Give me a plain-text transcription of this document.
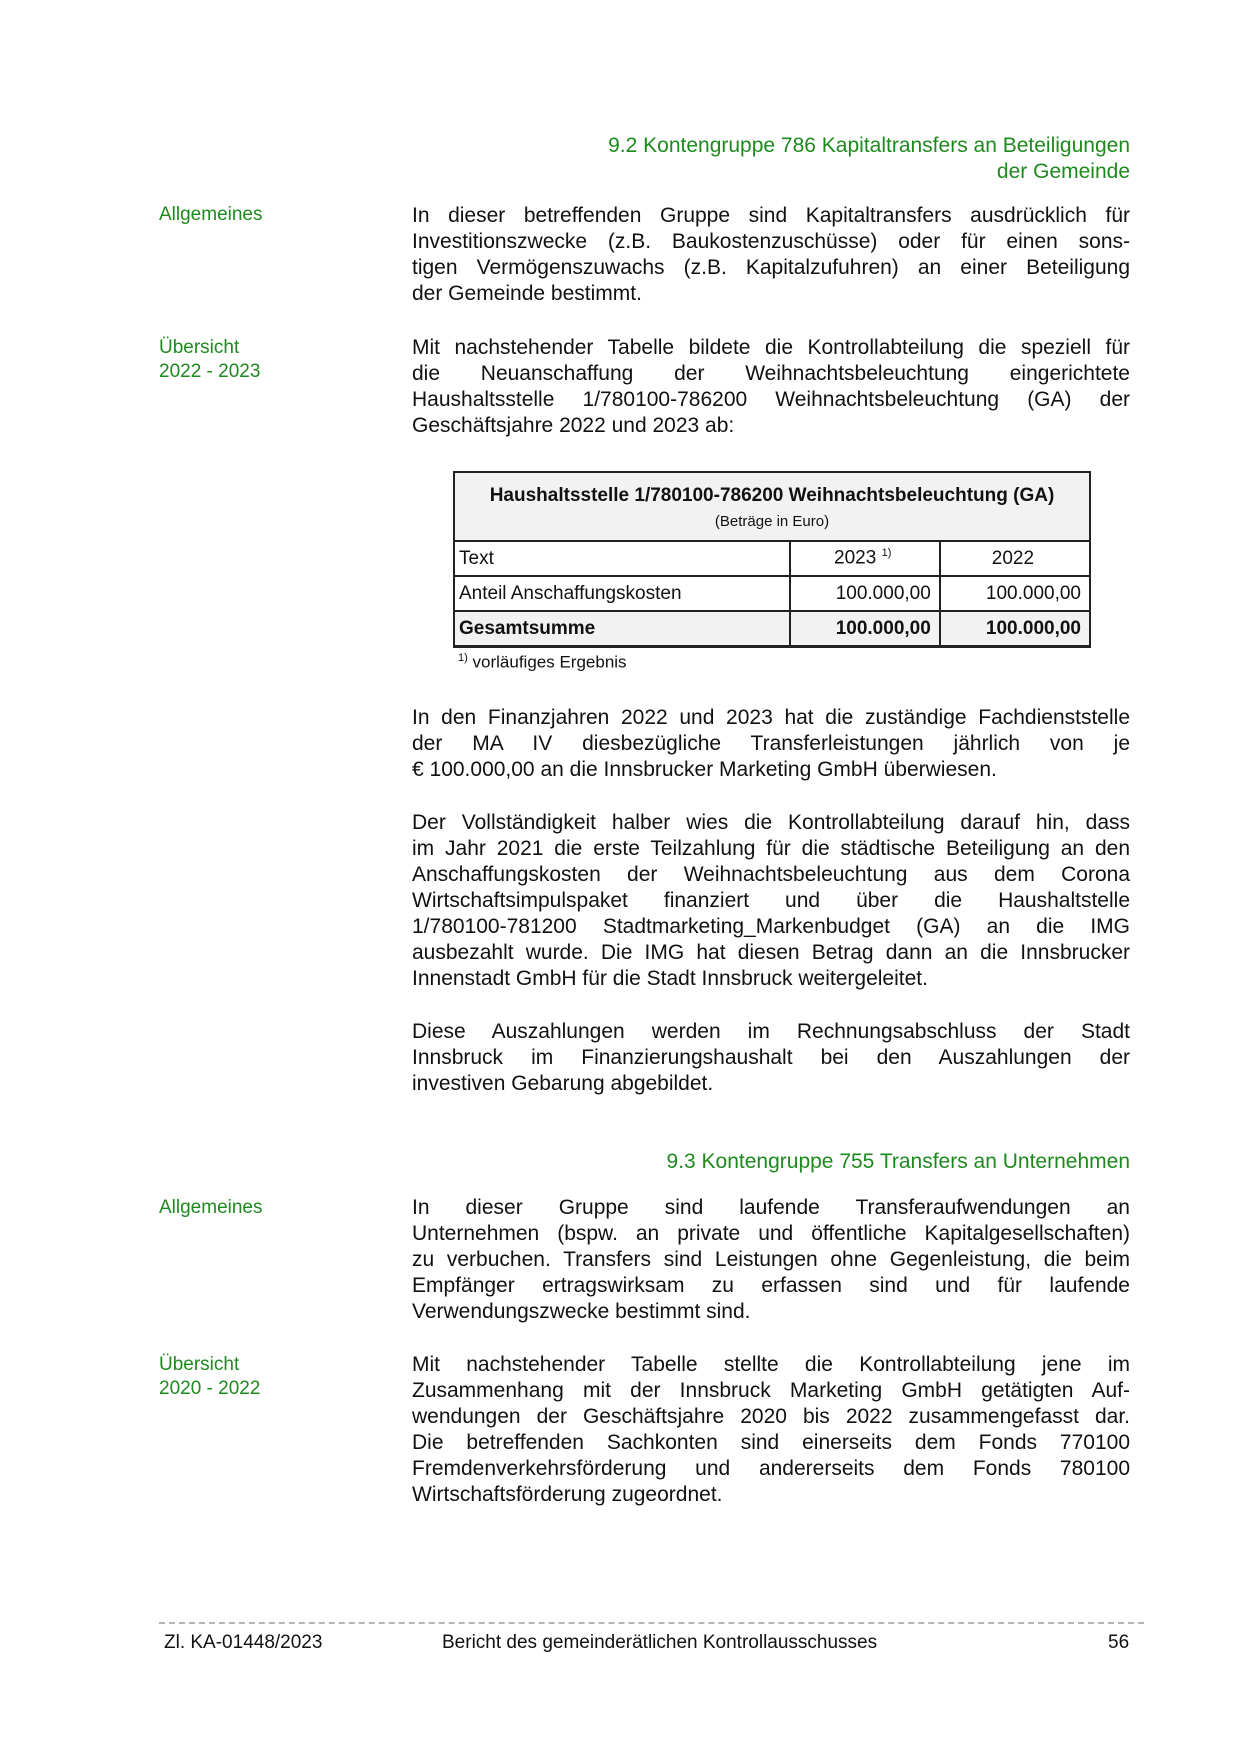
9.2 Kontengruppe 786 Kapitaltransfers an Beteiligungen
der Gemeinde
Allgemeines	In dieser betreffenden Gruppe sind Kapitaltransfers ausdrücklich für
Investitionszwecke (z.B. Baukostenzuschüsse) oder für einen sons-
tigen Vermögenszuwachs (z.B. Kapitalzufuhren) an einer Beteiligung
der Gemeinde bestimmt.
Übersicht
2022 - 2023
Mit nachstehender Tabelle bildete die Kontrollabteilung die speziell für
die Neuanschaffung der Weihnachtsbeleuchtung eingerichtete
Haushaltsstelle 1/780100-786200 Weihnachtsbeleuchtung (GA) der
Geschäftsjahre 2022 und 2023 ab:
Haushaltsstelle 1/780100-786200 Weihnachtsbeleuchtung (GA)
(Beträge in Euro)		

Text	2023 $^{1)}$	2022
Anteil Anschaffungskosten	100.000,00	100.000,00
Gesamtsumme	100.000,00	100.000,00
$^{1)}$ vorläufiges Ergebnis
In den Finanzjahren 2022 und 2023 hat die zuständige Fachdienststelle
der MA IV diesbezügliche Transferleistungen jährlich von je
€ 100.000,00 an die Innsbrucker Marketing GmbH überwiesen.
Der Vollständigkeit halber wies die Kontrollabteilung darauf hin, dass
im Jahr 2021 die erste Teilzahlung für die städtische Beteiligung an den
Anschaffungskosten der Weihnachtsbeleuchtung aus dem Corona
Wirtschaftsimpulspaket finanziert und über die Haushaltstelle
1/780100-781200 Stadtmarketing_Markenbudget (GA) an die IMG
ausbezahlt wurde. Die IMG hat diesen Betrag dann an die Innsbrucker
Innenstadt GmbH für die Stadt Innsbruck weitergeleitet.
Diese Auszahlungen werden im Rechnungsabschluss der Stadt
Innsbruck im Finanzierungshaushalt bei den Auszahlungen der
investiven Gebarung abgebildet.
9.3 Kontengruppe 755 Transfers an Unternehmen
Allgemeines	In dieser Gruppe sind laufende Transferaufwendungen an
Unternehmen (bspw. an private und öffentliche Kapitalgesellschaften)
zu verbuchen. Transfers sind Leistungen ohne Gegenleistung, die beim
Empfänger ertragswirksam zu erfassen sind und für laufende
Verwendungszwecke bestimmt sind.
Übersicht
2020 - 2022
Mit nachstehender Tabelle stellte die Kontrollabteilung jene im
Zusammenhang mit der Innsbruck Marketing GmbH getätigten Auf-
wendungen der Geschäftsjahre 2020 bis 2022 zusammengefasst dar.
Die betreffenden Sachkonten sind einerseits dem Fonds 770100
Fremdenverkehrsförderung und andererseits dem Fonds 780100
Wirtschaftsförderung zugeordnet.
Zl. KA-01448/2023	Bericht des gemeinderätlichen Kontrollausschusses	56
